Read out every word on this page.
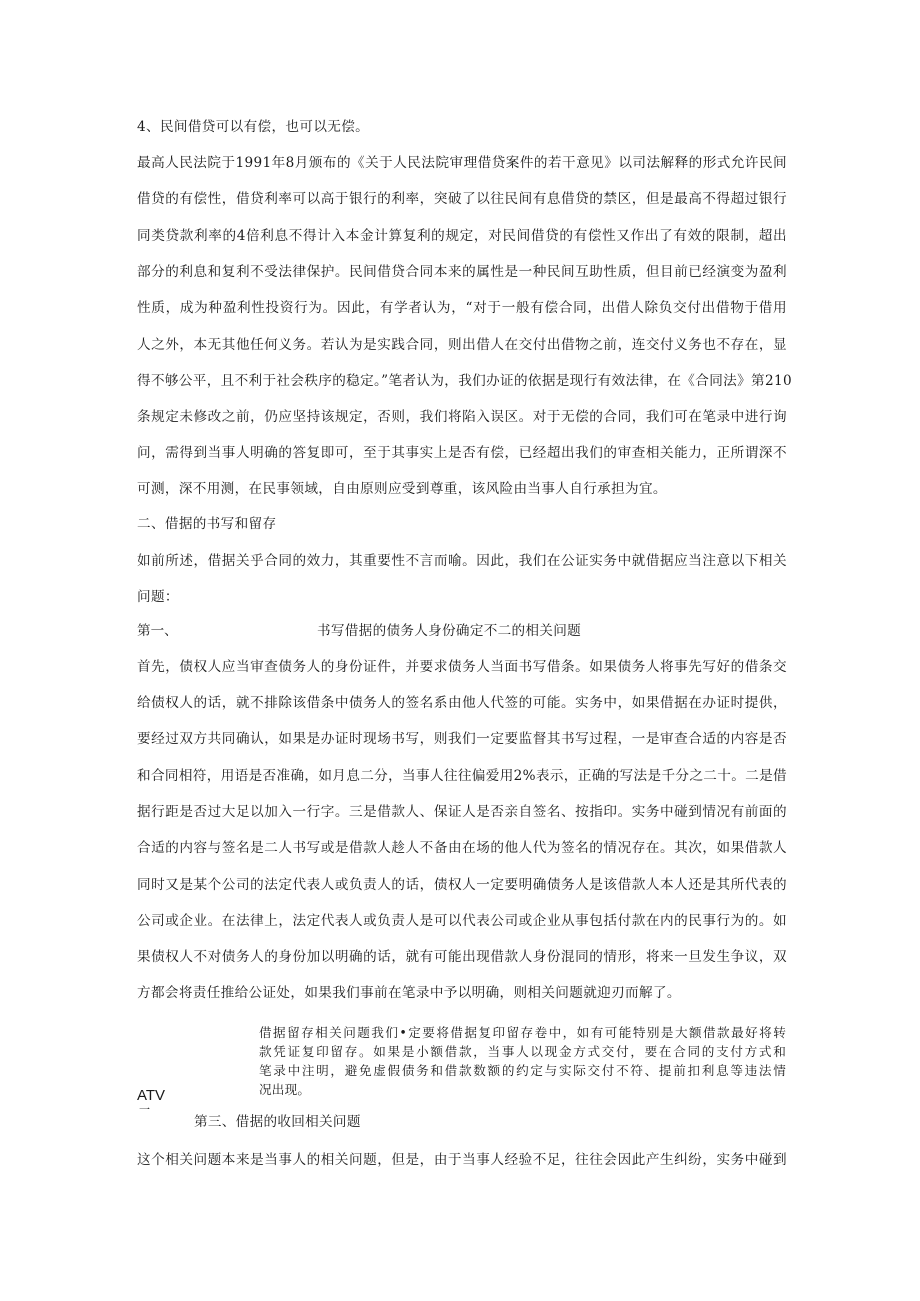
4、民间借贷可以有偿，也可以无偿。

最高人民法院于1991年8月颁布的《关于人民法院审理借贷案件的若干意见》以司法解释的形式允许民间

借贷的有偿性，借贷利率可以高于银行的利率，突破了以往民间有息借贷的禁区，但是最高不得超过银行

同类贷款利率的4倍利息不得计入本金计算复利的规定，对民间借贷的有偿性又作出了有效的限制，超出

部分的利息和复利不受法律保护。民间借贷合同本来的属性是一种民间互助性质，但目前已经演变为盈利

性质，成为种盈利性投资行为。因此，有学者认为，“对于一般有偿合同，出借人除负交付出借物于借用

人之外，本无其他任何义务。若认为是实践合同，则出借人在交付出借物之前，连交付义务也不存在，显

得不够公平，且不利于社会秩序的稳定。”笔者认为，我们办证的依据是现行有效法律，在《合同法》第210

条规定未修改之前，仍应坚持该规定，否则，我们将陷入误区。对于无偿的合同，我们可在笔录中进行询

问，需得到当事人明确的答复即可，至于其事实上是否有偿，已经超出我们的审查相关能力，正所谓深不

可测，深不用测，在民事领域，自由原则应受到尊重，该风险由当事人自行承担为宜。

二、借据的书写和留存

如前所述，借据关乎合同的效力，其重要性不言而喻。因此，我们在公证实务中就借据应当注意以下相关

问题：

第一、	书写借据的债务人身份确定不二的相关问题

首先，债权人应当审查债务人的身份证件，并要求债务人当面书写借条。如果债务人将事先写好的借条交

给债权人的话，就不排除该借条中债务人的签名系由他人代签的可能。实务中，如果借据在办证时提供，

要经过双方共同确认，如果是办证时现场书写，则我们一定要监督其书写过程，一是审查合适的内容是否

和合同相符，用语是否准确，如月息二分，当事人往往偏爱用2%表示，正确的写法是千分之二十。二是借

据行距是否过大足以加入一行字。三是借款人、保证人是否亲自签名、按指印。实务中碰到情况有前面的

合适的内容与签名是二人书写或是借款人趁人不备由在场的他人代为签名的情况存在。其次，如果借款人

同时又是某个公司的法定代表人或负责人的话，债权人一定要明确债务人是该借款人本人还是其所代表的

公司或企业。在法律上，法定代表人或负责人是可以代表公司或企业从事包括付款在内的民事行为的。如

果债权人不对债务人的身份加以明确的话，就有可能出现借款人身份混同的情形，将来一旦发生争议，双

方都会将责任推给公证处，如果我们事前在笔录中予以明确，则相关问题就迎刃而解了。

借据留存相关问题我们•定要将借据复印留存卷中，如有可能特别是大额借款最好将转

款凭证复印留存。如果是小额借款，当事人以现金方式交付，要在合同的支付方式和

笔录中注明，避免虚假债务和借款数额的约定与实际交付不符、提前扣利息等违法情

况出现。

ATV

一

第三、借据的收回相关问题

这个相关问题本来是当事人的相关问题，但是，由于当事人经验不足，往往会因此产生纠纷，实务中碰到
